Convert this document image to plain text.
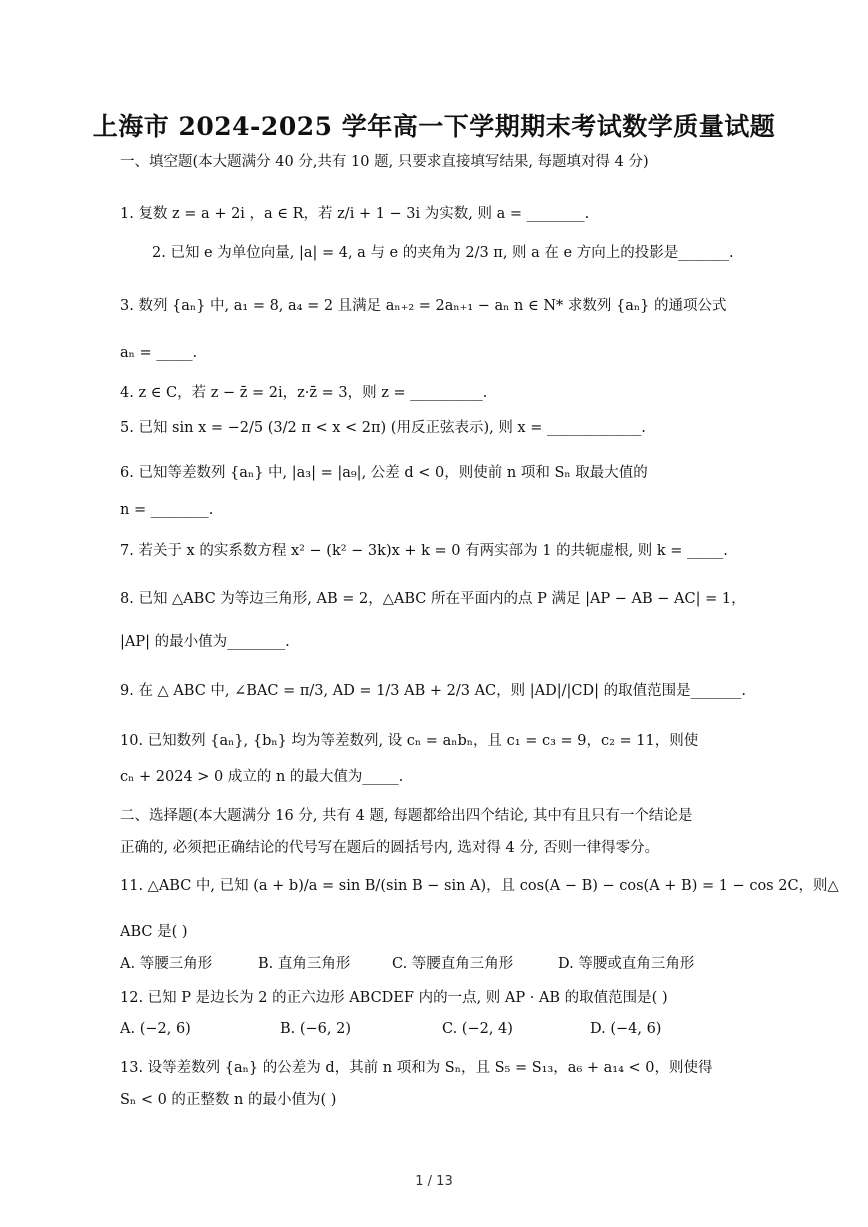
上海市 2024-2025 学年高一下学期期末考试数学质量试题
一、填空题(本大题满分 40 分,共有 10 题, 只要求直接填写结果, 每题填对得 4 分)
1. 复数 z = a + 2i ，a ∈ R，若 z/i + 1 − 3i 为实数, 则 a = ________.
2. 已知 e 为单位向量, |a| = 4, a 与 e 的夹角为 2/3 π, 则 a 在 e 方向上的投影是_______.
3. 数列 {aₙ} 中, a₁ = 8, a₄ = 2 且满足 aₙ₊₂ = 2aₙ₊₁ − aₙ n ∈ N* 求数列 {aₙ} 的通项公式
aₙ = _____.
4. z ∈ C，若 z − z̄ = 2i，z·z̄ = 3，则 z = __________.
5. 已知 sin x = −2/5 (3/2 π < x < 2π) (用反正弦表示), 则 x = _____________.
6. 已知等差数列 {aₙ} 中, |a₃| = |a₉|, 公差 d < 0，则使前 n 项和 Sₙ 取最大值的
n = ________.
7. 若关于 x 的实系数方程 x² − (k² − 3k)x + k = 0 有两实部为 1 的共轭虚根, 则 k = _____.
8. 已知 △ABC 为等边三角形, AB = 2，△ABC 所在平面内的点 P 满足 |AP − AB − AC| = 1，
|AP| 的最小值为________.
9. 在 △ ABC 中, ∠BAC = π/3, AD = 1/3 AB + 2/3 AC，则 |AD|/|CD| 的取值范围是_______.
10. 已知数列 {aₙ}, {bₙ} 均为等差数列, 设 cₙ = aₙbₙ，且 c₁ = c₃ = 9，c₂ = 11，则使
cₙ + 2024 > 0 成立的 n 的最大值为_____.
二、选择题(本大题满分 16 分, 共有 4 题, 每题都给出四个结论, 其中有且只有一个结论是
正确的, 必须把正确结论的代号写在题后的圆括号内, 选对得 4 分, 否则一律得零分。
11. △ABC 中, 已知 (a + b)/a = sin B/(sin B − sin A)，且 cos(A − B) − cos(A + B) = 1 − cos 2C，则△
ABC 是( )
A. 等腰三角形	B. 直角三角形	C. 等腰直角三角形	D. 等腰或直角三角形
12. 已知 P 是边长为 2 的正六边形 ABCDEF 内的一点, 则 AP · AB 的取值范围是( )
A. (−2, 6)	B. (−6, 2)	C. (−2, 4)	D. (−4, 6)
13. 设等差数列 {aₙ} 的公差为 d，其前 n 项和为 Sₙ，且 S₅ = S₁₃，a₆ + a₁₄ < 0，则使得
Sₙ < 0 的正整数 n 的最小值为( )
1 / 13
